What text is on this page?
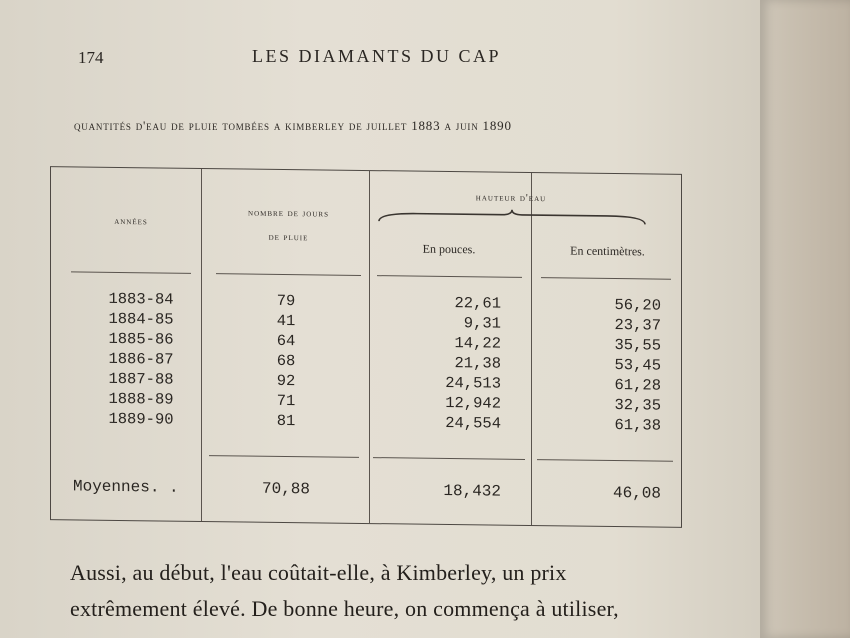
174	LES DIAMANTS DU CAP
quantités d'eau de pluie tombées a kimberley de juillet 1883 a juin 1890
années
nombre de jours
de pluie
hauteur d'eau
En pouces.	En centimètres.
1883-84	79	22,61	56,20
1884-85	41	9,31	23,37
1885-86	64	14,22	35,55
1886-87	68	21,38	53,45
1887-88	92	24,513	61,28
1888-89	71	12,942	32,35
1889-90	81	24,554	61,38
Moyennes. .	70,88	18,432	46,08
Aussi, au début, l'eau coûtait-elle, à Kimberley, un prix
extrêmement élevé. De bonne heure, on commença à utiliser,
